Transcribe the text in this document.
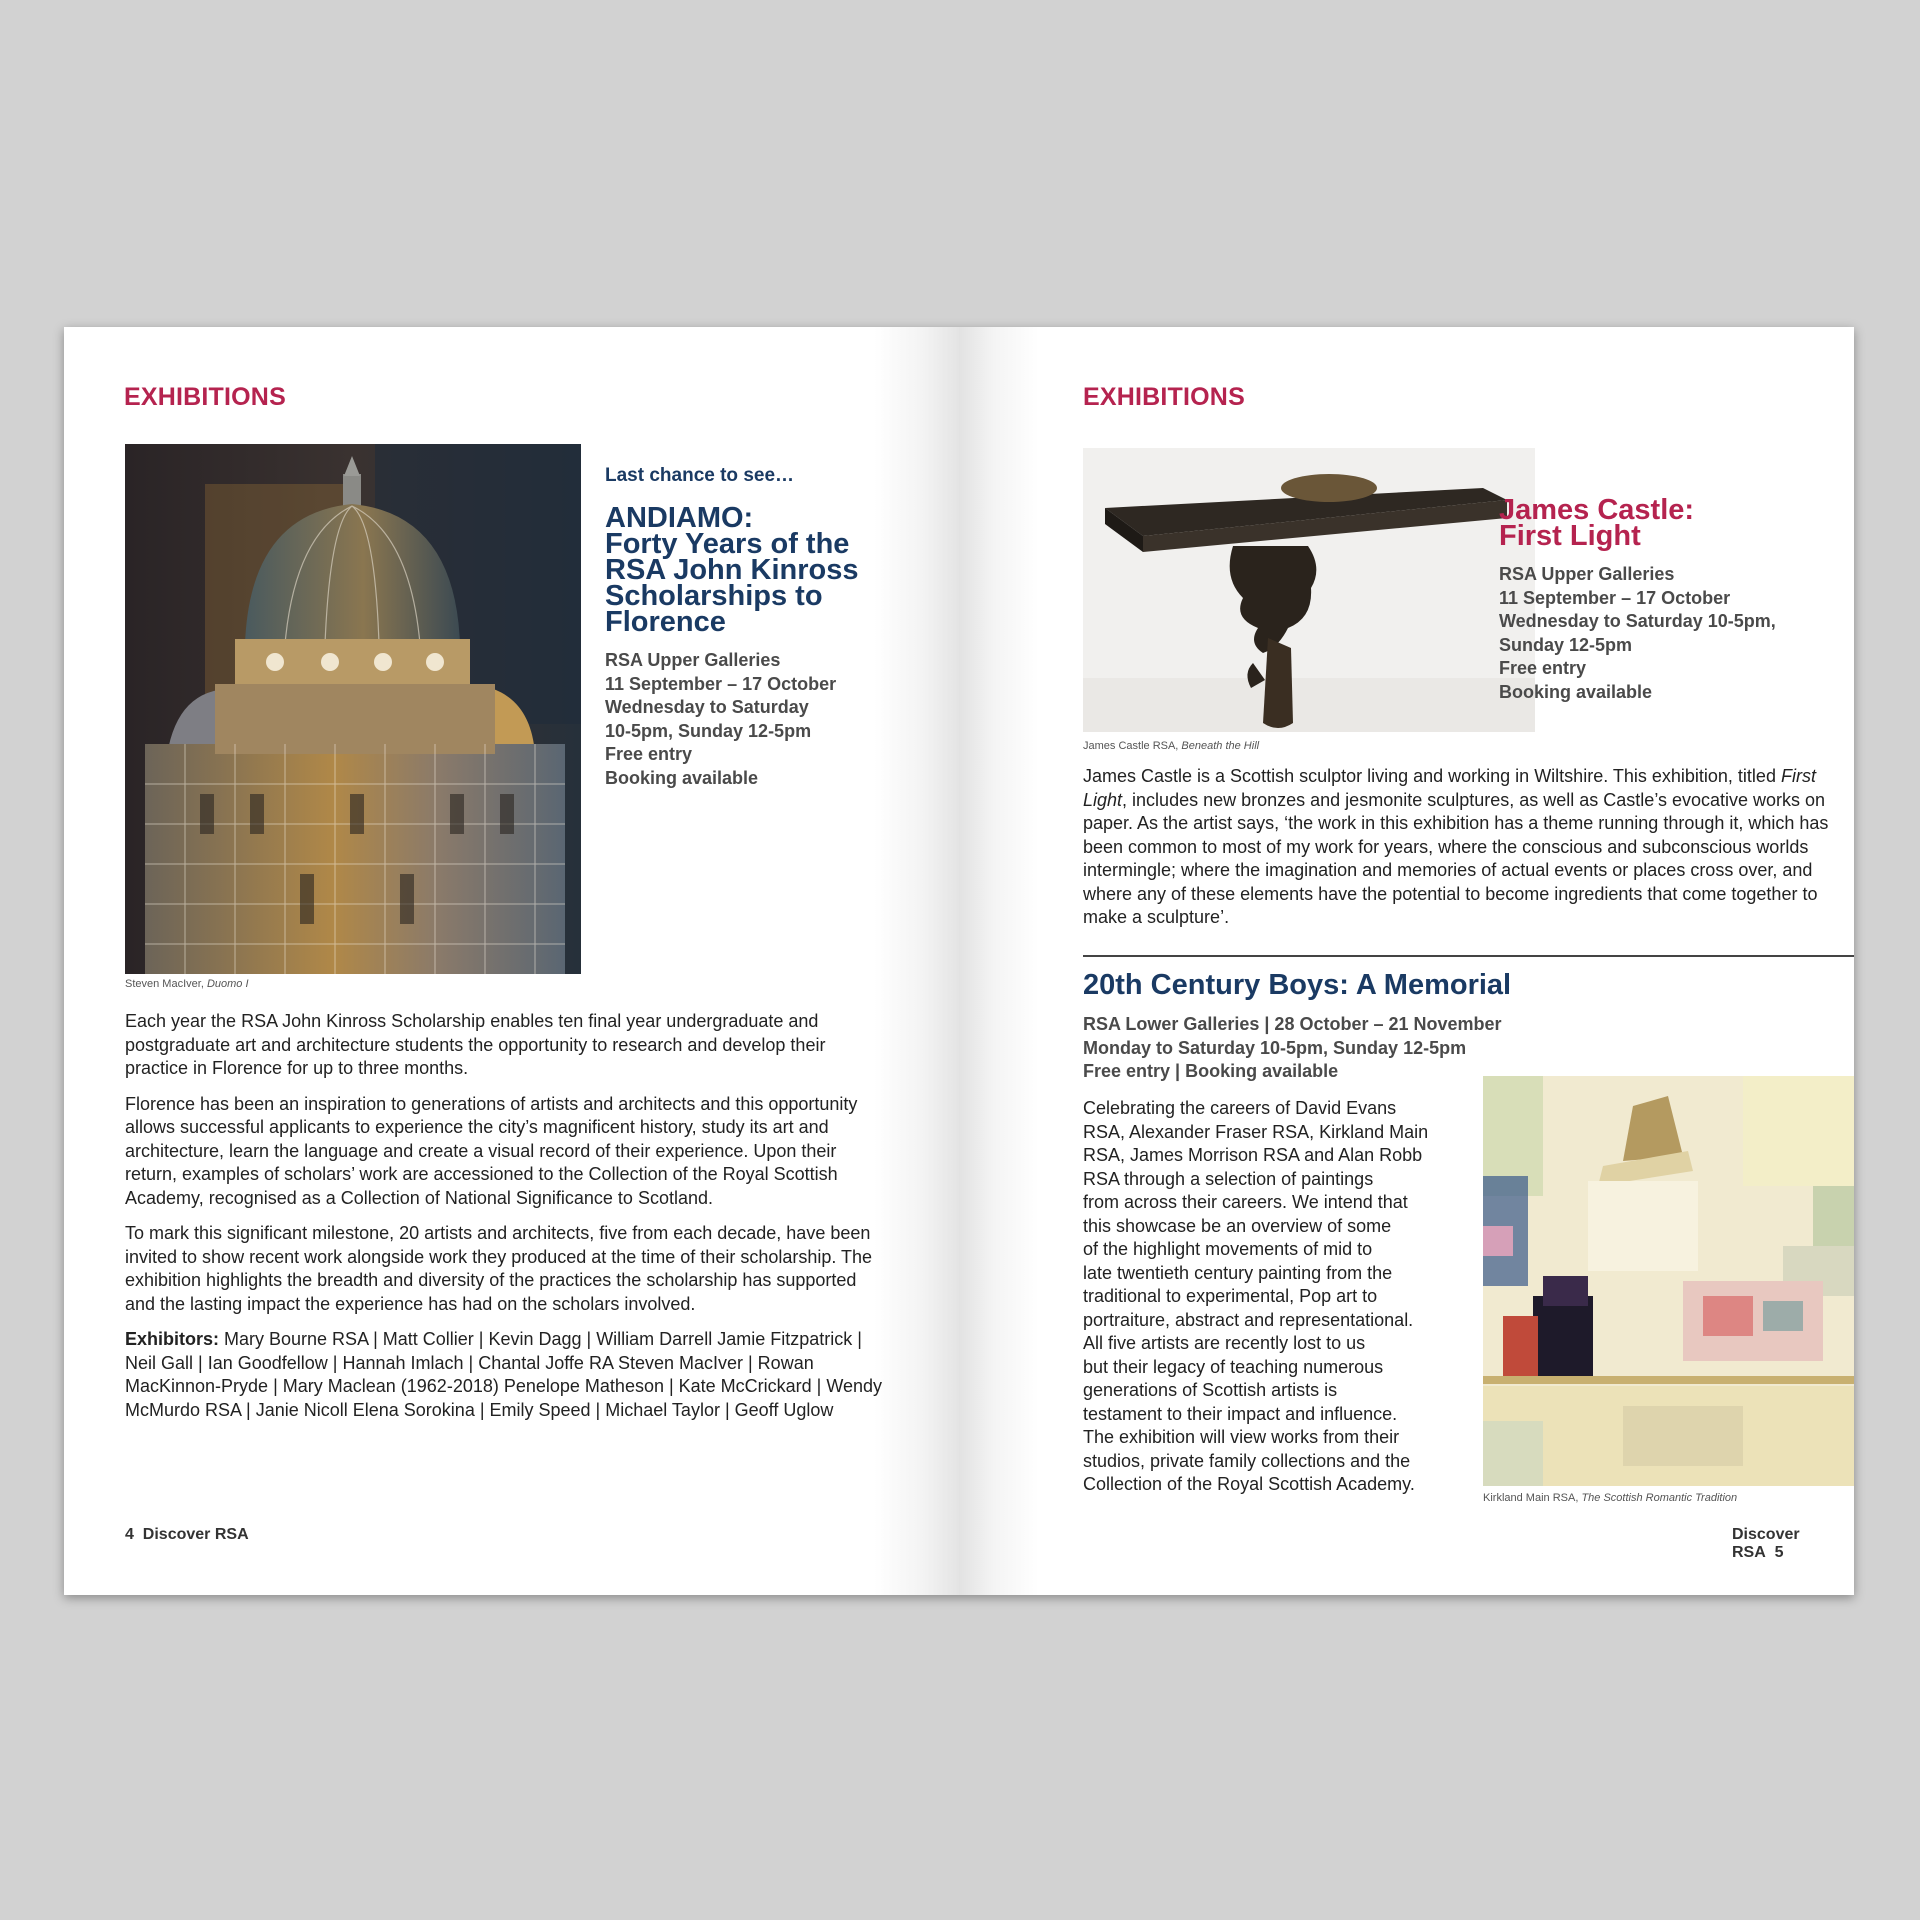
EXHIBITIONS
Steven MacIver, Duomo I
Last chance to see…
ANDIAMO:
Forty Years of the
RSA John Kinross
Scholarships to
Florence
RSA Upper Galleries
11 September – 17 October
Wednesday to Saturday
10-5pm, Sunday 12-5pm
Free entry
Booking available

Each year the RSA John Kinross Scholarship enables ten final year undergraduate and postgraduate art and architecture students the opportunity to research and develop their practice in Florence for up to three months.

Florence has been an inspiration to generations of artists and architects and this opportunity allows successful applicants to experience the city’s magnificent history, study its art and architecture, learn the language and create a visual record of their experience. Upon their return, examples of scholars’ work are accessioned to the Collection of the Royal Scottish Academy, recognised as a Collection of National Significance to Scotland.

To mark this significant milestone, 20 artists and architects, five from each decade, have been invited to show recent work alongside work they produced at the time of their scholarship. The exhibition highlights the breadth and diversity of the practices the scholarship has supported and the lasting impact the experience has had on the scholars involved.

Exhibitors: Mary Bourne RSA | Matt Collier | Kevin Dagg | William Darrell Jamie Fitzpatrick | Neil Gall | Ian Goodfellow | Hannah Imlach | Chantal Joffe RA Steven MacIver | Rowan MacKinnon-Pryde | Mary Maclean (1962-2018) Penelope Matheson | Kate McCrickard | Wendy McMurdo RSA | Janie Nicoll Elena Sorokina | Emily Speed | Michael Taylor | Geoff Uglow

4 Discover RSA
EXHIBITIONS
James Castle RSA, Beneath the Hill
James Castle:
First Light
RSA Upper Galleries
11 September – 17 October
Wednesday to Saturday 10-5pm,
Sunday 12-5pm
Free entry
Booking available
James Castle is a Scottish sculptor living and working in Wiltshire. This exhibition, titled First Light, includes new bronzes and jesmonite sculptures, as well as Castle’s evocative works on paper. As the artist says, ‘the work in this exhibition has a theme running through it, which has been common to most of my work for years, where the conscious and subconscious worlds intermingle; where the imagination and memories of actual events or places cross over, and where any of these elements have the potential to become ingredients that come together to make a sculpture’.
20th Century Boys: A Memorial
RSA Lower Galleries | 28 October – 21 November
Monday to Saturday 10-5pm, Sunday 12-5pm
Free entry | Booking available
Celebrating the careers of David Evans
RSA, Alexander Fraser RSA, Kirkland Main
RSA, James Morrison RSA and Alan Robb
RSA through a selection of paintings
from across their careers. We intend that
this showcase be an overview of some
of the highlight movements of mid to
late twentieth century painting from the
traditional to experimental, Pop art to
portraiture, abstract and representational.
All five artists are recently lost to us
but their legacy of teaching numerous
generations of Scottish artists is
testament to their impact and influence.
The exhibition will view works from their
studios, private family collections and the
Collection of the Royal Scottish Academy.
Kirkland Main RSA, The Scottish Romantic Tradition
Discover RSA 5
